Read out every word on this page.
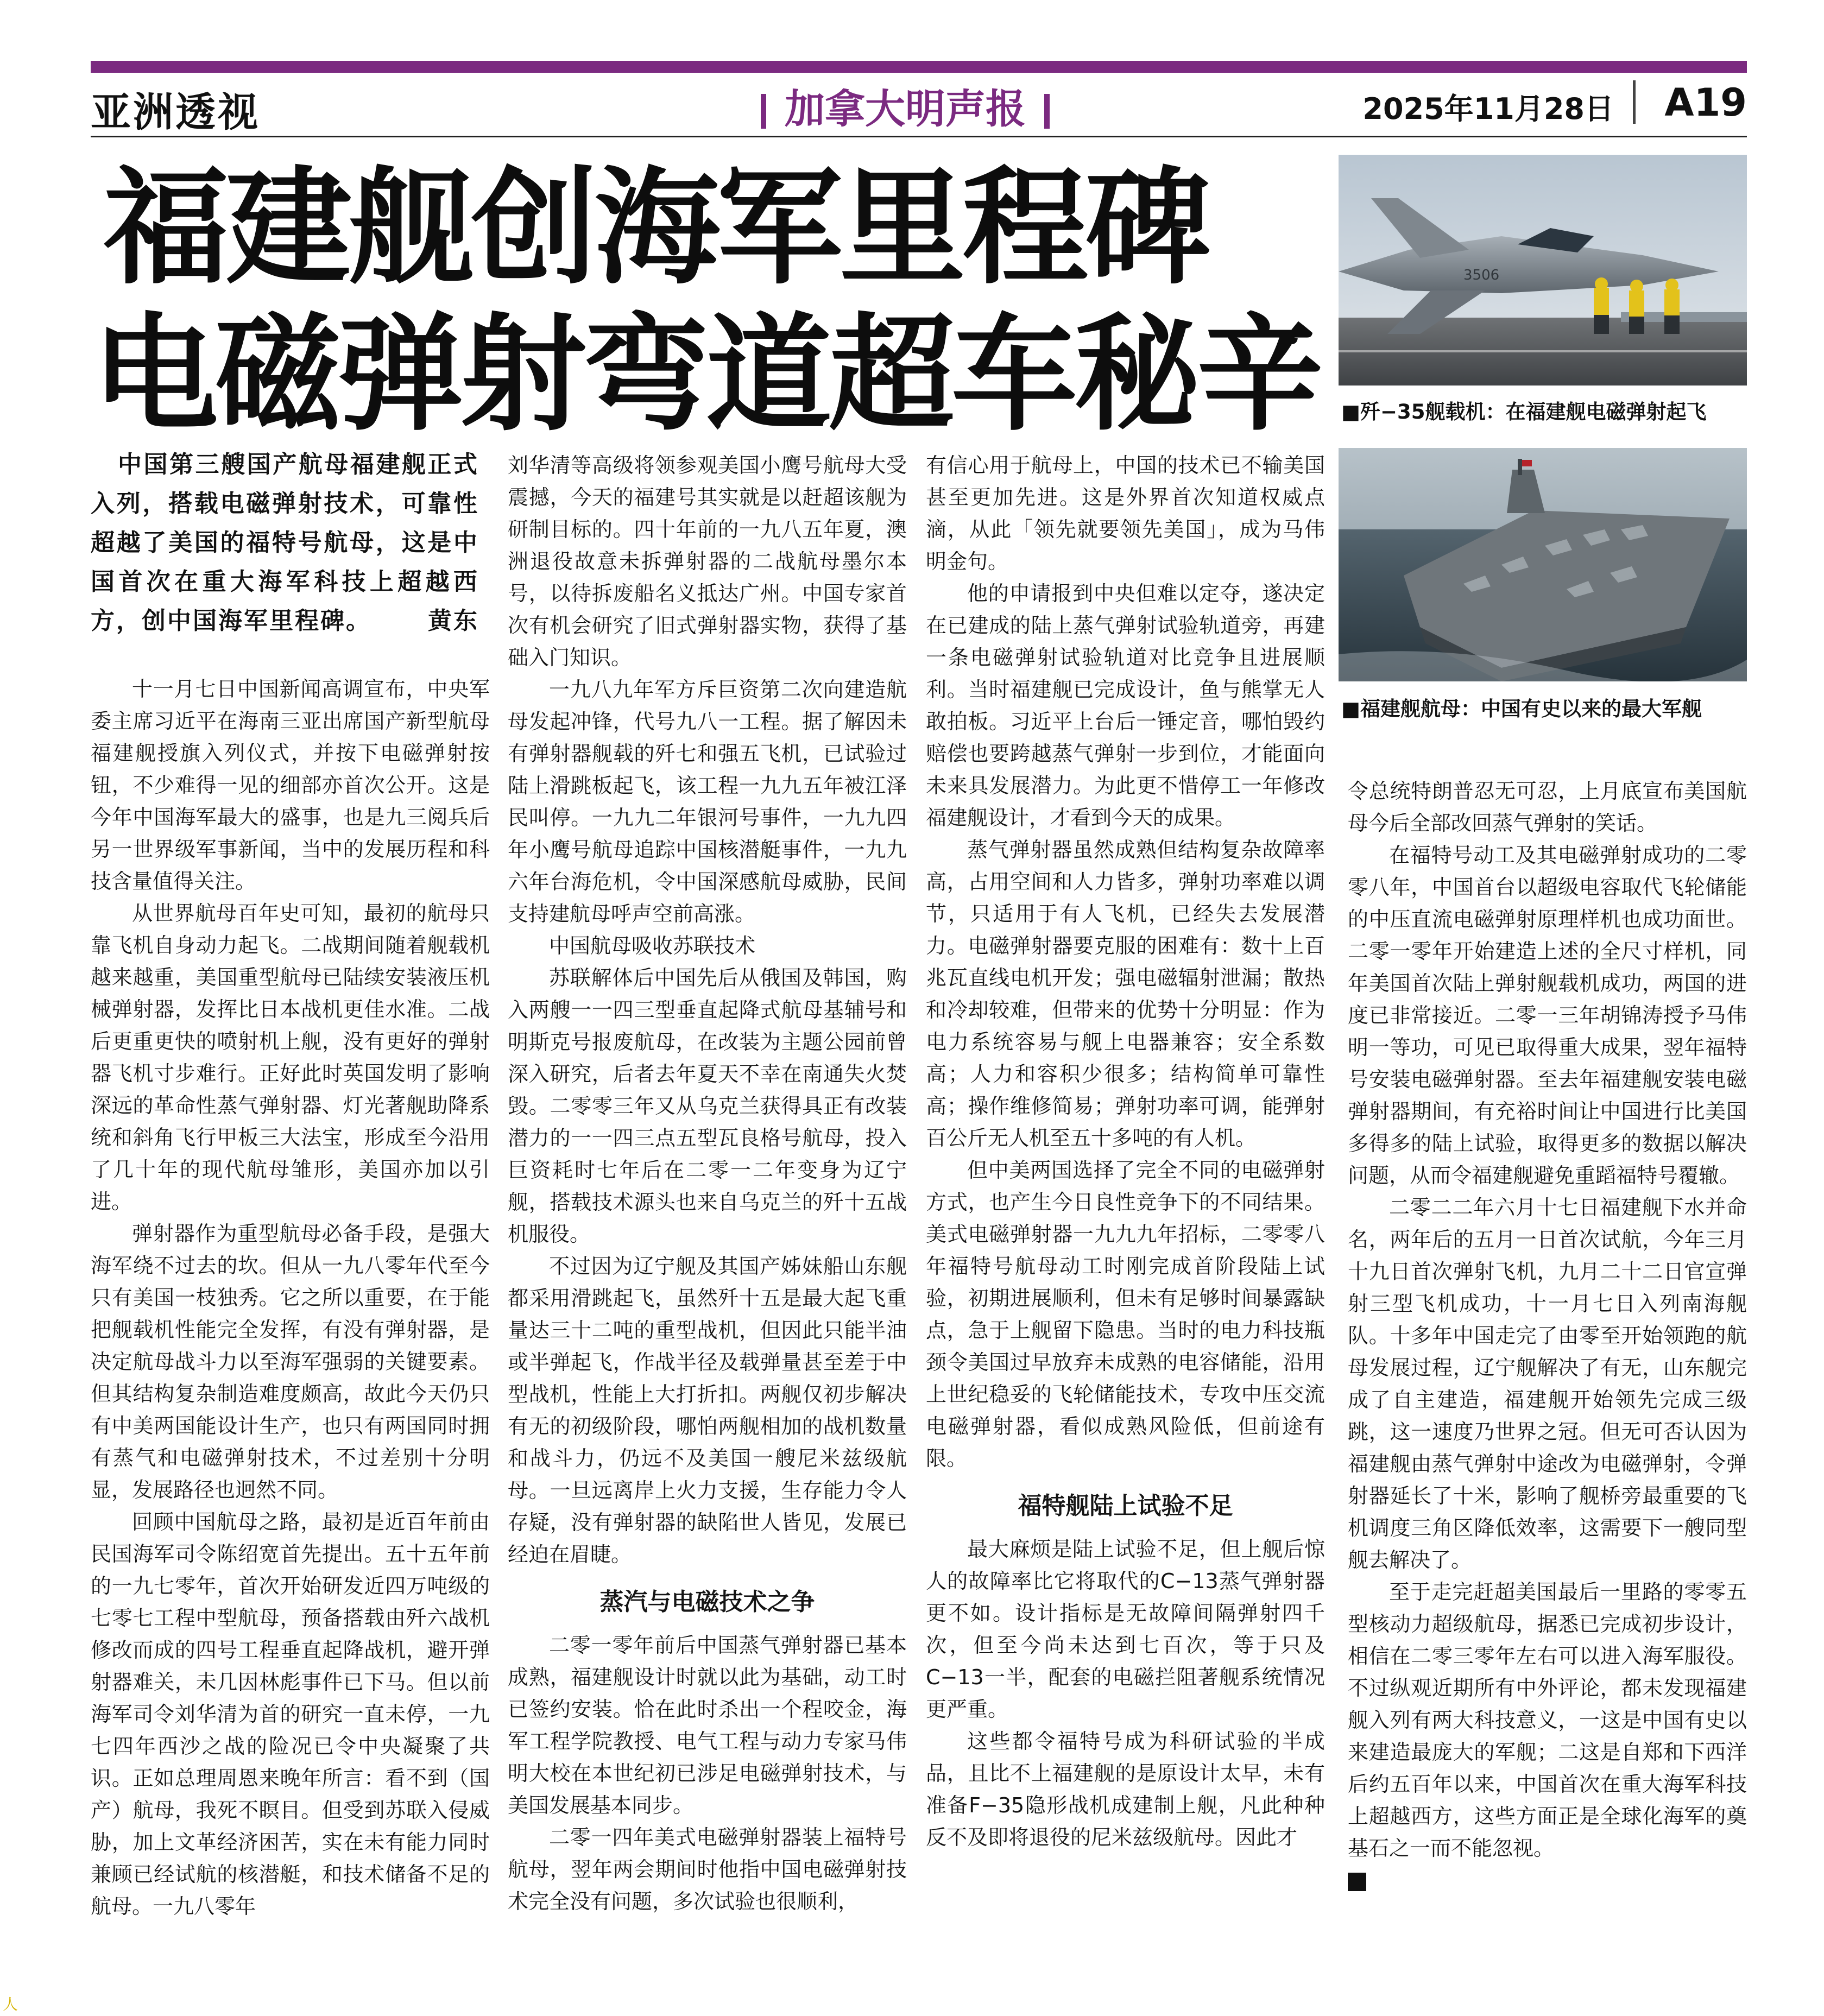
亚洲透视	加拿大明声报	2025年11月28日 A19
福建舰创海军里程碑
电磁弹射弯道超车秘辛
3506
■歼−35舰载机：在福建舰电磁弹射起飞
■福建舰航母：中国有史以来的最大军舰
中国第三艘国产航母福建舰正式入列，搭载电磁弹射技术，可靠性超越了美国的福特号航母，这是中国首次在重大海军科技上超越西方，创中国海军里程碑。	黄东

十一月七日中国新闻高调宣布，中央军委主席习近平在海南三亚出席国产新型航母福建舰授旗入列仪式，并按下电磁弹射按钮，不少难得一见的细部亦首次公开。这是今年中国海军最大的盛事，也是九三阅兵后另一世界级军事新闻，当中的发展历程和科技含量值得关注。

从世界航母百年史可知，最初的航母只靠飞机自身动力起飞。二战期间随着舰载机越来越重，美国重型航母已陆续安装液压机械弹射器，发挥比日本战机更佳水准。二战后更重更快的喷射机上舰，没有更好的弹射器飞机寸步难行。正好此时英国发明了影响深远的革命性蒸气弹射器、灯光著舰助降系统和斜角飞行甲板三大法宝，形成至今沿用了几十年的现代航母雏形，美国亦加以引进。

弹射器作为重型航母必备手段，是强大海军绕不过去的坎。但从一九八零年代至今只有美国一枝独秀。它之所以重要，在于能把舰载机性能完全发挥，有没有弹射器，是决定航母战斗力以至海军强弱的关键要素。但其结构复杂制造难度颇高，故此今天仍只有中美两国能设计生产，也只有两国同时拥有蒸气和电磁弹射技术，不过差别十分明显，发展路径也迥然不同。

回顾中国航母之路，最初是近百年前由民国海军司令陈绍宽首先提出。五十五年前的一九七零年，首次开始研发近四万吨级的七零七工程中型航母，预备搭载由歼六战机修改而成的四号工程垂直起降战机，避开弹射器难关，未几因林彪事件已下马。但以前海军司令刘华清为首的研究一直未停，一九七四年西沙之战的险况已令中央凝聚了共识。正如总理周恩来晚年所言：看不到（国产）航母，我死不瞑目。但受到苏联入侵威胁，加上文革经济困苦，实在未有能力同时兼顾已经试航的核潜艇，和技术储备不足的航母。一九八零年

刘华清等高级将领参观美国小鹰号航母大受震撼，今天的福建号其实就是以赶超该舰为研制目标的。四十年前的一九八五年夏，澳洲退役故意未拆弹射器的二战航母墨尔本号，以待拆废船名义抵达广州。中国专家首次有机会研究了旧式弹射器实物，获得了基础入门知识。

一九八九年军方斥巨资第二次向建造航母发起冲锋，代号九八一工程。据了解因未有弹射器舰载的歼七和强五飞机，已试验过陆上滑跳板起飞，该工程一九九五年被江泽民叫停。一九九二年银河号事件，一九九四年小鹰号航母追踪中国核潜艇事件，一九九六年台海危机，令中国深感航母威胁，民间支持建航母呼声空前高涨。

中国航母吸收苏联技术

苏联解体后中国先后从俄国及韩国，购入两艘一一四三型垂直起降式航母基辅号和明斯克号报废航母，在改装为主题公园前曾深入研究，后者去年夏天不幸在南通失火焚毁。二零零三年又从乌克兰获得具正有改装潜力的一一四三点五型瓦良格号航母，投入巨资耗时七年后在二零一二年变身为辽宁舰，搭载技术源头也来自乌克兰的歼十五战机服役。

不过因为辽宁舰及其国产姊妹船山东舰都采用滑跳起飞，虽然歼十五是最大起飞重量达三十二吨的重型战机，但因此只能半油或半弹起飞，作战半径及载弹量甚至差于中型战机，性能上大打折扣。两舰仅初步解决有无的初级阶段，哪怕两舰相加的战机数量和战斗力，仍远不及美国一艘尼米兹级航母。一旦远离岸上火力支援，生存能力令人存疑，没有弹射器的缺陷世人皆见，发展已经迫在眉睫。

蒸汽与电磁技术之争

二零一零年前后中国蒸气弹射器已基本成熟，福建舰设计时就以此为基础，动工时已签约安装。恰在此时杀出一个程咬金，海军工程学院教授、电气工程与动力专家马伟明大校在本世纪初已涉足电磁弹射技术，与美国发展基本同步。

二零一四年美式电磁弹射器装上福特号航母，翌年两会期间时他指中国电磁弹射技术完全没有问题，多次试验也很顺利，

有信心用于航母上，中国的技术已不输美国甚至更加先进。这是外界首次知道权威点滴，从此「领先就要领先美国」，成为马伟明金句。

他的申请报到中央但难以定夺，遂决定在已建成的陆上蒸气弹射试验轨道旁，再建一条电磁弹射试验轨道对比竞争且进展顺利。当时福建舰已完成设计，鱼与熊掌无人敢拍板。习近平上台后一锤定音，哪怕毁约赔偿也要跨越蒸气弹射一步到位，才能面向未来具发展潜力。为此更不惜停工一年修改福建舰设计，才看到今天的成果。

蒸气弹射器虽然成熟但结构复杂故障率高，占用空间和人力皆多，弹射功率难以调节，只适用于有人飞机，已经失去发展潜力。电磁弹射器要克服的困难有：数十上百兆瓦直线电机开发；强电磁辐射泄漏；散热和冷却较难，但带来的优势十分明显：作为电力系统容易与舰上电器兼容；安全系数高；人力和容积少很多；结构简单可靠性高；操作维修简易；弹射功率可调，能弹射百公斤无人机至五十多吨的有人机。

但中美两国选择了完全不同的电磁弹射方式，也产生今日良性竞争下的不同结果。美式电磁弹射器一九九九年招标，二零零八年福特号航母动工时刚完成首阶段陆上试验，初期进展顺利，但未有足够时间暴露缺点，急于上舰留下隐患。当时的电力科技瓶颈令美国过早放弃未成熟的电容储能，沿用上世纪稳妥的飞轮储能技术，专攻中压交流电磁弹射器，看似成熟风险低，但前途有限。

福特舰陆上试验不足

最大麻烦是陆上试验不足，但上舰后惊人的故障率比它将取代的C−13蒸气弹射器更不如。设计指标是无故障间隔弹射四千次，但至今尚未达到七百次，等于只及C−13一半，配套的电磁拦阻著舰系统情况更严重。

这些都令福特号成为科研试验的半成品，且比不上福建舰的是原设计太早，未有准备F−35隐形战机成建制上舰，凡此种种反不及即将退役的尼米兹级航母。因此才

令总统特朗普忍无可忍，上月底宣布美国航母今后全部改回蒸气弹射的笑话。

在福特号动工及其电磁弹射成功的二零零八年，中国首台以超级电容取代飞轮储能的中压直流电磁弹射原理样机也成功面世。二零一零年开始建造上述的全尺寸样机，同年美国首次陆上弹射舰载机成功，两国的进度已非常接近。二零一三年胡锦涛授予马伟明一等功，可见已取得重大成果，翌年福特号安装电磁弹射器。至去年福建舰安装电磁弹射器期间，有充裕时间让中国进行比美国多得多的陆上试验，取得更多的数据以解决问题，从而令福建舰避免重蹈福特号覆辙。

二零二二年六月十七日福建舰下水并命名，两年后的五月一日首次试航，今年三月十九日首次弹射飞机，九月二十二日官宣弹射三型飞机成功，十一月七日入列南海舰队。十多年中国走完了由零至开始领跑的航母发展过程，辽宁舰解决了有无，山东舰完成了自主建造，福建舰开始领先完成三级跳，这一速度乃世界之冠。但无可否认因为福建舰由蒸气弹射中途改为电磁弹射，令弹射器延长了十米，影响了舰桥旁最重要的飞机调度三角区降低效率，这需要下一艘同型舰去解决了。

至于走完赶超美国最后一里路的零零五型核动力超级航母，据悉已完成初步设计，相信在二零三零年左右可以进入海军服役。不过纵观近期所有中外评论，都未发现福建舰入列有两大科技意义，一这是中国有史以来建造最庞大的军舰；二这是自郑和下西洋后约五百年以来，中国首次在重大海军科技上超越西方，这些方面正是全球化海军的奠基石之一而不能忽视。

人
